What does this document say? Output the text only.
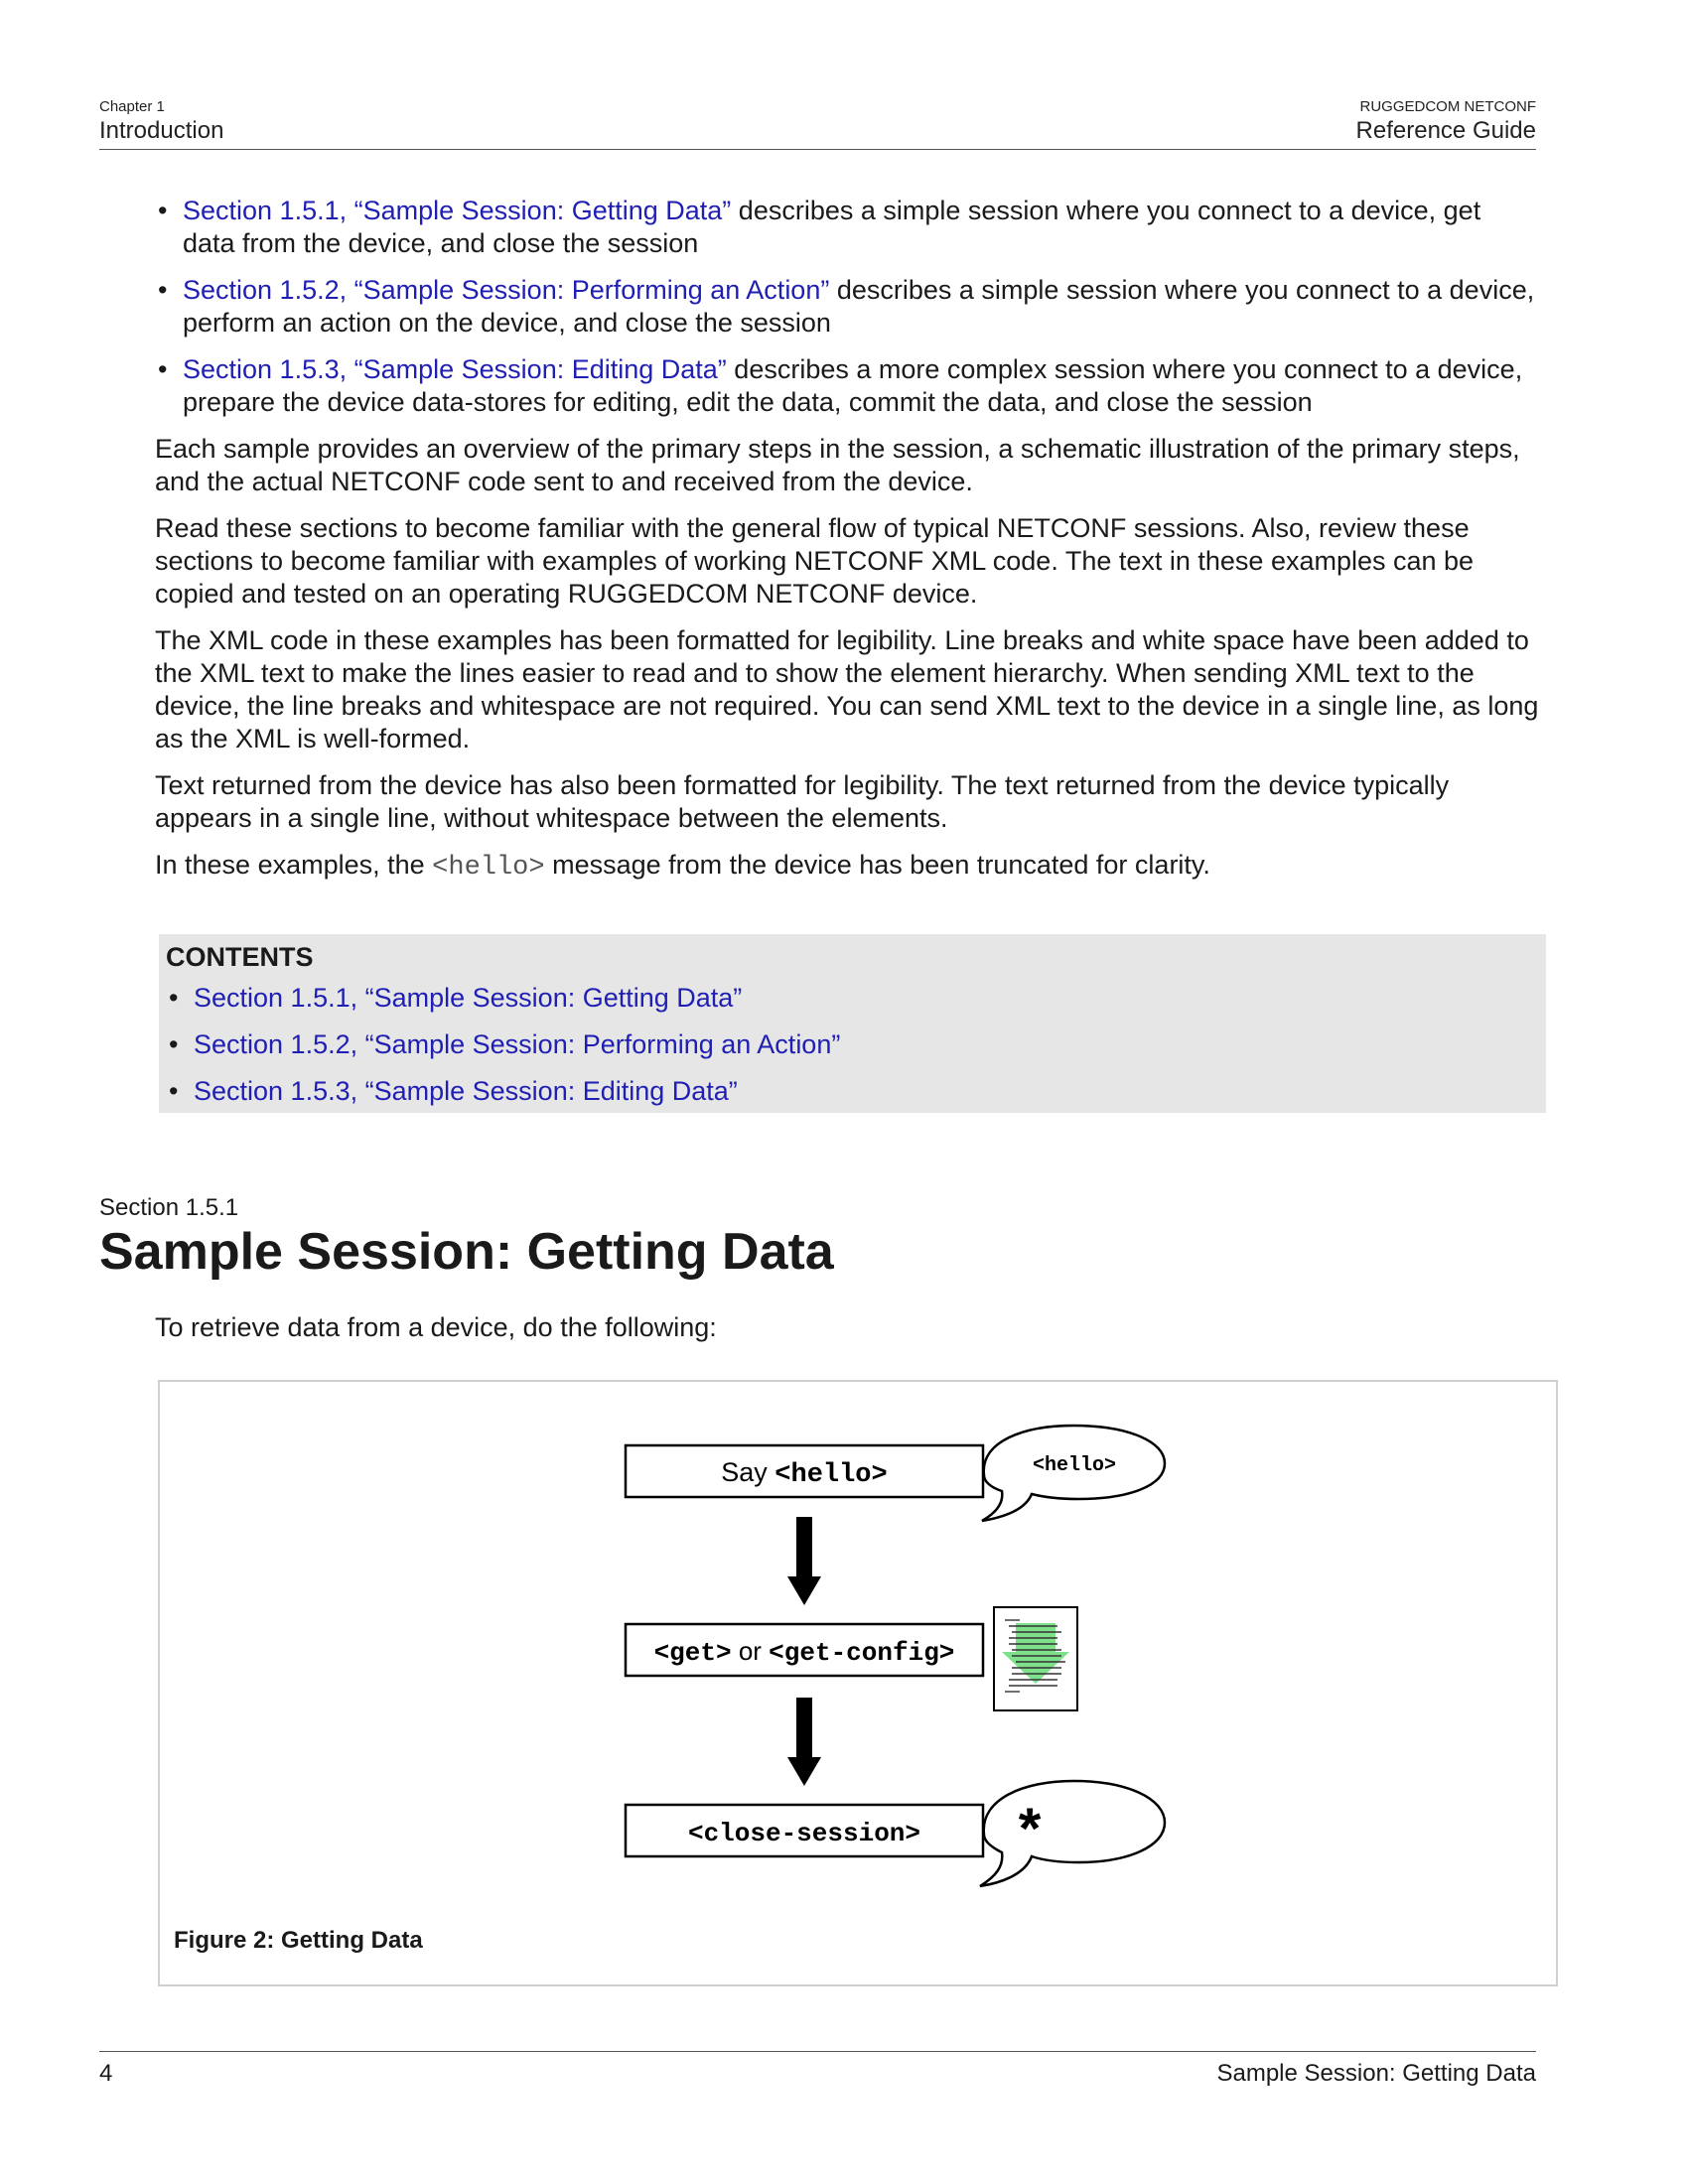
Chapter 1
Introduction
RUGGEDCOM NETCONF
Reference Guide
• Section 1.5.1, “Sample Session: Getting Data” describes a simple session where you connect to a device, get data from the device, and close the session
• Section 1.5.2, “Sample Session: Performing an Action” describes a simple session where you connect to a device, perform an action on the device, and close the session
• Section 1.5.3, “Sample Session: Editing Data” describes a more complex session where you connect to a device, prepare the device data-stores for editing, edit the data, commit the data, and close the session

Each sample provides an overview of the primary steps in the session, a schematic illustration of the primary steps, and the actual NETCONF code sent to and received from the device.

Read these sections to become familiar with the general flow of typical NETCONF sessions. Also, review these sections to become familiar with examples of working NETCONF XML code. The text in these examples can be copied and tested on an operating RUGGEDCOM NETCONF device.

The XML code in these examples has been formatted for legibility. Line breaks and white space have been added to the XML text to make the lines easier to read and to show the element hierarchy. When sending XML text to the device, the line breaks and whitespace are not required. You can send XML text to the device in a single line, as long as the XML is well-formed.

Text returned from the device has also been formatted for legibility. The text returned from the device typically appears in a single line, without whitespace between the elements.

In these examples, the <hello> message from the device has been truncated for clarity.

CONTENTS
• Section 1.5.1, “Sample Session: Getting Data”
• Section 1.5.2, “Sample Session: Performing an Action”
• Section 1.5.3, “Sample Session: Editing Data”
Section 1.5.1
Sample Session: Getting Data
To retrieve data from a device, do the following:
Say <hello>	<hello>
<get> or <get-config>
<close-session> *
Figure 2: Getting Data
4	Sample Session: Getting Data
